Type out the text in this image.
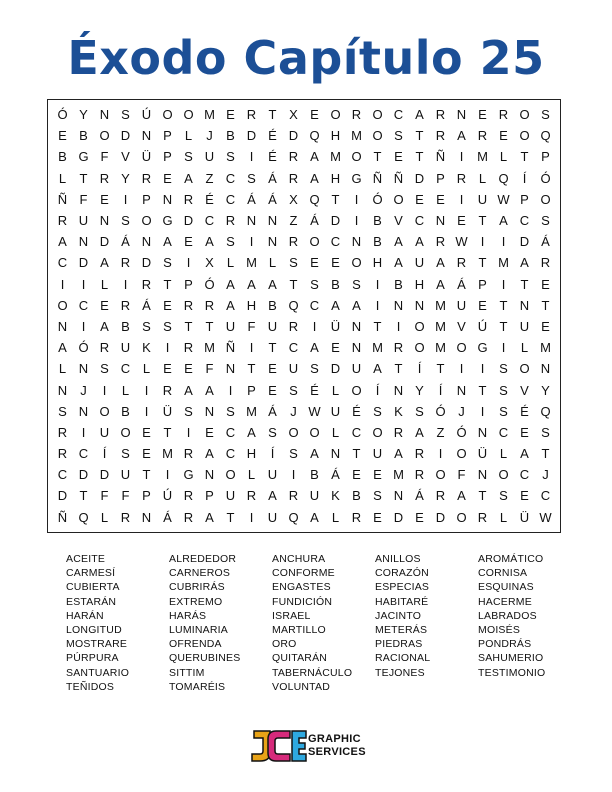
Éxodo Capítulo 25
Ó Y N S Ú O O M E R T X E O R O C A R N E R O S
E B O D N P	L	J	B D É D Q H M O S T R A R E O Q
B G F V Ü P S U S	I	É R A M O T E T Ñ	I	M L	T P
L	T R Y R E A Z C S Á R A H G Ñ Ñ D P R L Q	Í	Ó
Ñ F E	I	P N R É C Á Á X Q T	I	Ó O E E	I	U W P O
R U N S O G D C R N N Z Á D	I	B V C N E T A C S
A N D Á N A E A S	I	N R O C N B A A R W	I	I	D Á
C D A R D S	I	X	L M L	S E E O H A U A R T M A R
I	I	L	I	R T P Ó A A A T S B S	I	B H A Á P	I	T E
O C E R Á E R R A H B Q C A A	I	N N M U E T N T
N	I	A B S S T	T U F U R	I	Ü N T	I	O M V Ú T U E
A Ó R U K	I	R M Ñ	I	T C A E N M R O M O G	I	L M
L N S C L	E E F N T E U S D U A T	Í	T	I	I	S O N
N	J	I	L	I	R A A	I	P E S É	L O	Í	N Y	Í	N T S V Y
S N O B	I	Ü S N S M Á	J W U É S K S Ó J	I	S É Q
R	I	U O E T	I	E C A S O O L C O R A Z Ó N C E S
R C	Í	S E M R A C H	Í	S A N T U A R	I	O Ü L	A T
C D D U T	I	G N O L U	I	B Á E E M R O F N O C	J
D T	F	F P Ú R P U R A R U K B S N Á R A T S E C
Ñ Q L R N Á R A T	I	U Q A	L R E D E D O R L Ü W
ACEITE
CARMESÍ
CUBIERTA
ESTARÁN
HARÁN
LONGITUD
MOSTRARE
PÚRPURA
SANTUARIO
TEÑIDOS
ALREDEDOR
CARNEROS
CUBRIRÁS
EXTREMO
HARÁS
LUMINARIA
OFRENDA
QUERUBINES
SITTIM
TOMARÉIS
ANCHURA
CONFORME
ENGASTES
FUNDICIÓN
ISRAEL
MARTILLO
ORO
QUITARÁN
TABERNÁCULO
VOLUNTAD
ANILLOS
CORAZÓN
ESPECIAS
HABITARÉ
JACINTO
METERÁS
PIEDRAS
RACIONAL
TEJONES
AROMÁTICO
CORNISA
ESQUINAS
HACERME
LABRADOS
MOISÉS
PONDRÁS
SAHUMERIO
TESTIMONIO
GRAPHIC
SERVICES
